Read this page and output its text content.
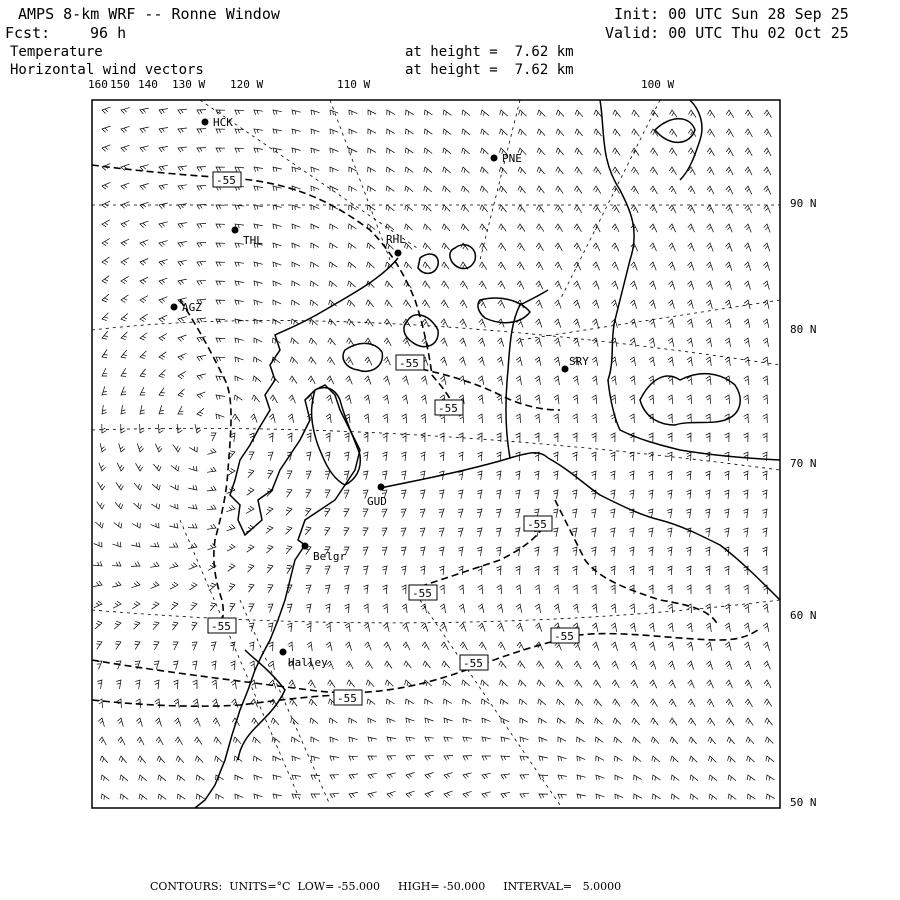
AMPS 8-km WRF -- Ronne Window
Fcst:	96 h
Init: 00 UTC Sun 28 Sep 25
Valid: 00 UTC Thu 02 Oct 25
Temperature
Horizontal wind vectors
at height =  7.62 km
at height =  7.62 km
160 150 140 130 W 120 W	110 W	100 W
90 N
80 N
70 N
60 N
50 N
-55
-55
-55
-55
-55
-55
-55
-55
-55
HCK
PNE
THL	RHL
AGZ
SRY
GUD
Belgr
Halley
CONTOURS:  UNITS=°C  LOW= -55.000 HIGH= -50.000 INTERVAL=   5.0000
